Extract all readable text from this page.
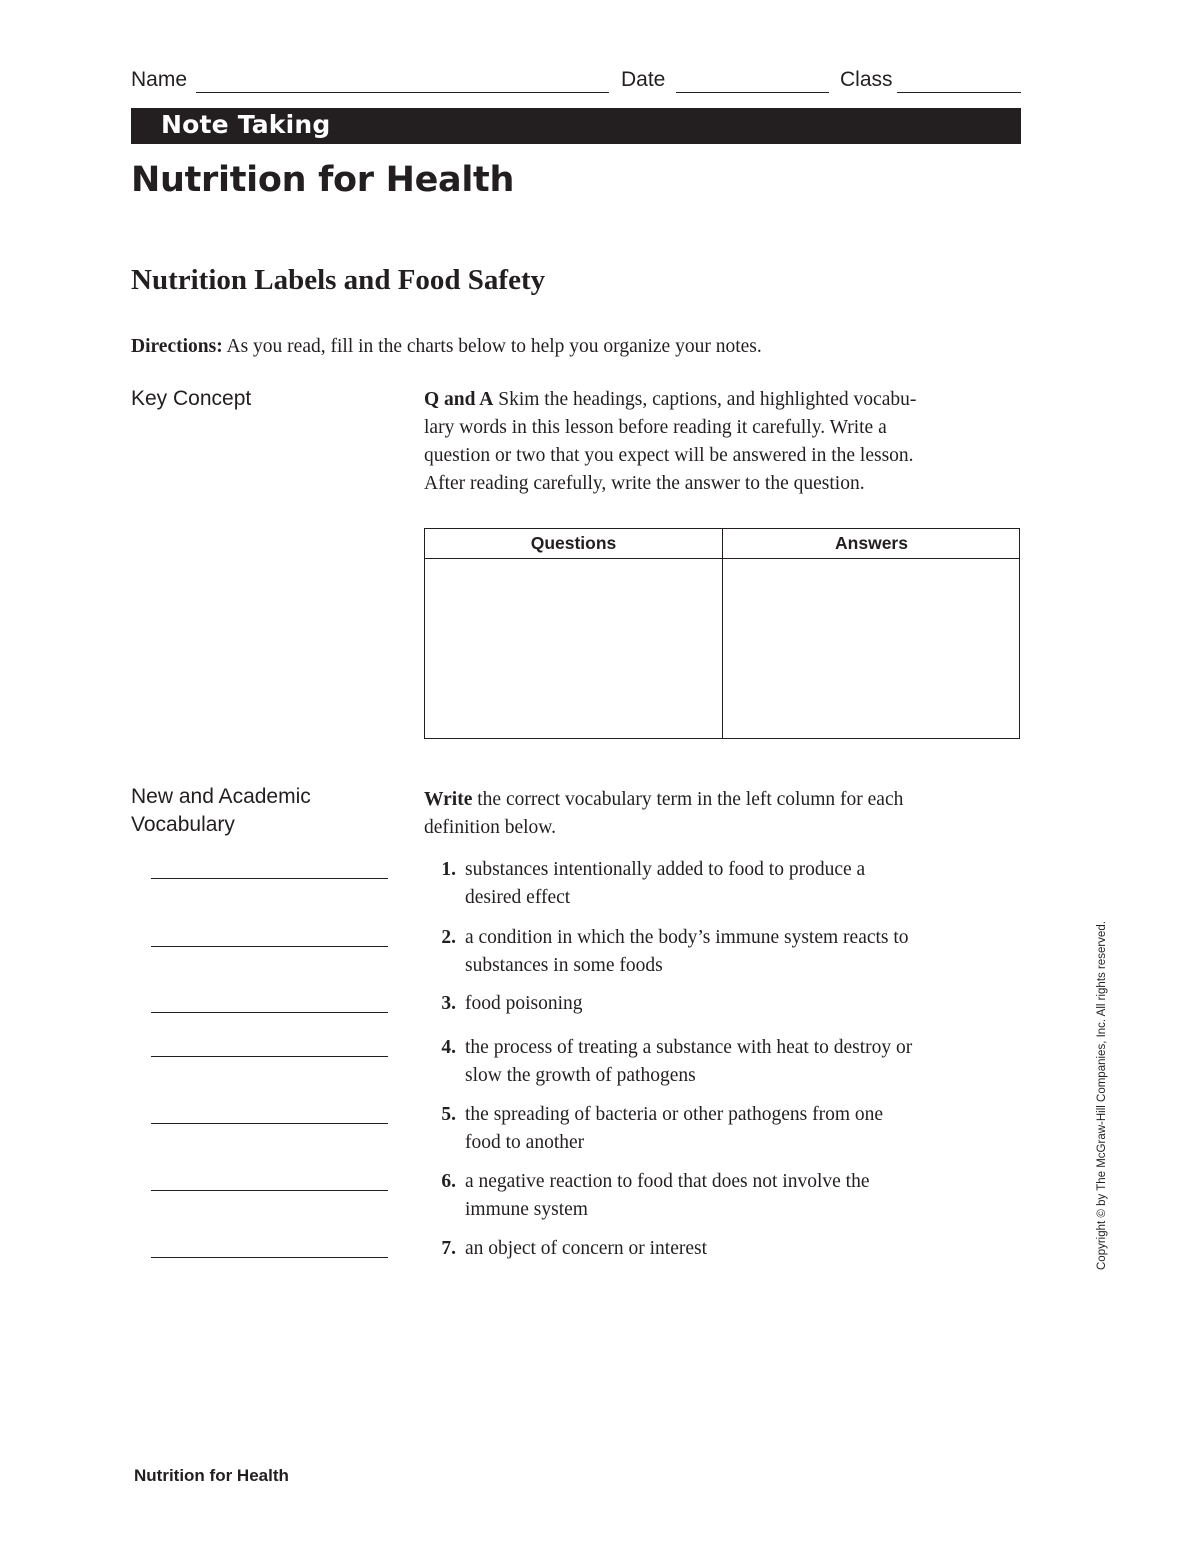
Name	Date	Class
Note Taking
Nutrition for Health
Nutrition Labels and Food Safety
Directions: As you read, fill in the charts below to help you organize your notes.
Key Concept	Q and A Skim the headings, captions, and highlighted vocabu-
lary words in this lesson before reading it carefully. Write a
question or two that you expect will be answered in the lesson.
After reading carefully, write the answer to the question.
Questions	Answers
New and Academic
Vocabulary
Write the correct vocabulary term in the left column for each
definition below.
1. substances intentionally added to food to produce a
desired effect
2. a condition in which the body’s immune system reacts to
substances in some foods
3. food poisoning
4. the process of treating a substance with heat to destroy or
slow the growth of pathogens
5. the spreading of bacteria or other pathogens from one
food to another
6. a negative reaction to food that does not involve the
immune system
7. an object of concern or interest	Copyright © by The McGraw-Hill Companies, Inc. All rights reserved.
Nutrition for Health
